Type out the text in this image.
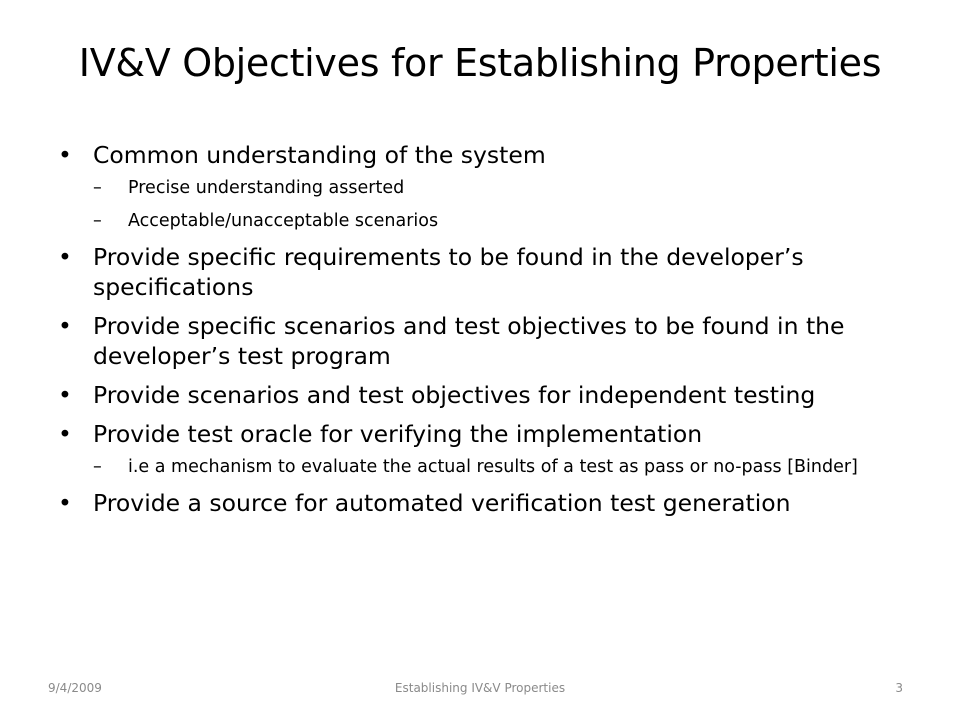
IV&V Objectives for Establishing Properties
• Common understanding of the system
– Precise understanding asserted
– Acceptable/unacceptable scenarios
• Provide specific requirements to be found in the developer’s specifications
• Provide specific scenarios and test objectives to be found in the developer’s test program
• Provide scenarios and test objectives for independent testing
• Provide test oracle for verifying the implementation
– i.e a mechanism to evaluate the actual results of a test as pass or no-pass [Binder]
• Provide a source for automated verification test generation
9/4/2009	Establishing IV&V Properties	3
